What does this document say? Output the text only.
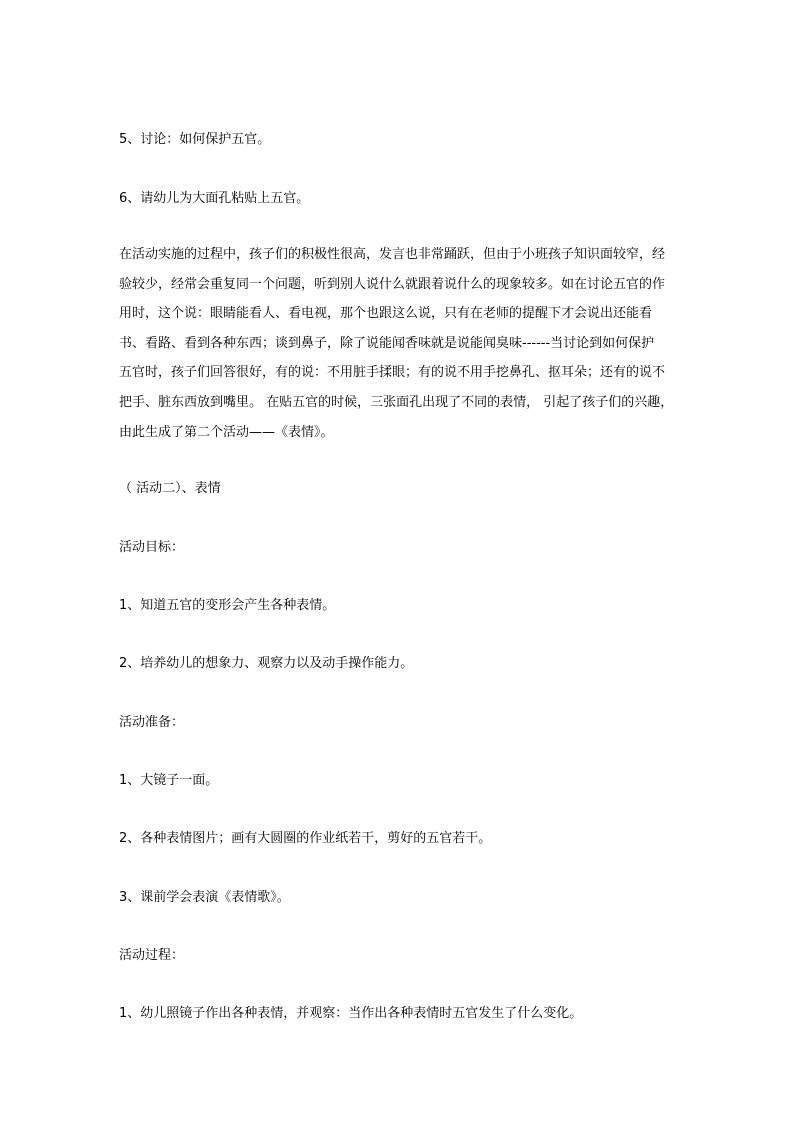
5、讨论：如何保护五官。

6、请幼儿为大面孔粘贴上五官。

在活动实施的过程中，孩子们的积极性很高，发言也非常踊跃，但由于小班孩子知识面较窄，经
验较少，经常会重复同一个问题，听到别人说什么就跟着说什么的现象较多。如在讨论五官的作
用时，这个说：眼睛能看人、看电视，那个也跟这么说，只有在老师的提醒下才会说出还能看
书、看路、看到各种东西；谈到鼻子，除了说能闻香味就是说能闻臭味------当讨论到如何保护
五官时，孩子们回答很好，有的说：不用脏手揉眼；有的说不用手挖鼻孔、抠耳朵；还有的说不
把手、脏东西放到嘴里。 在贴五官的时候，三张面孔出现了不同的表情， 引起了孩子们的兴趣，
由此生成了第二个活动——《表情》。

（ 活动二）、表情

活动目标：

1、知道五官的变形会产生各种表情。

2、培养幼儿的想象力、观察力以及动手操作能力。

活动准备：

1、大镜子一面。

2、各种表情图片；画有大圆圈的作业纸若干，剪好的五官若干。

3、课前学会表演《表情歌》。

活动过程：

1、幼儿照镜子作出各种表情，并观察：当作出各种表情时五官发生了什么变化。
